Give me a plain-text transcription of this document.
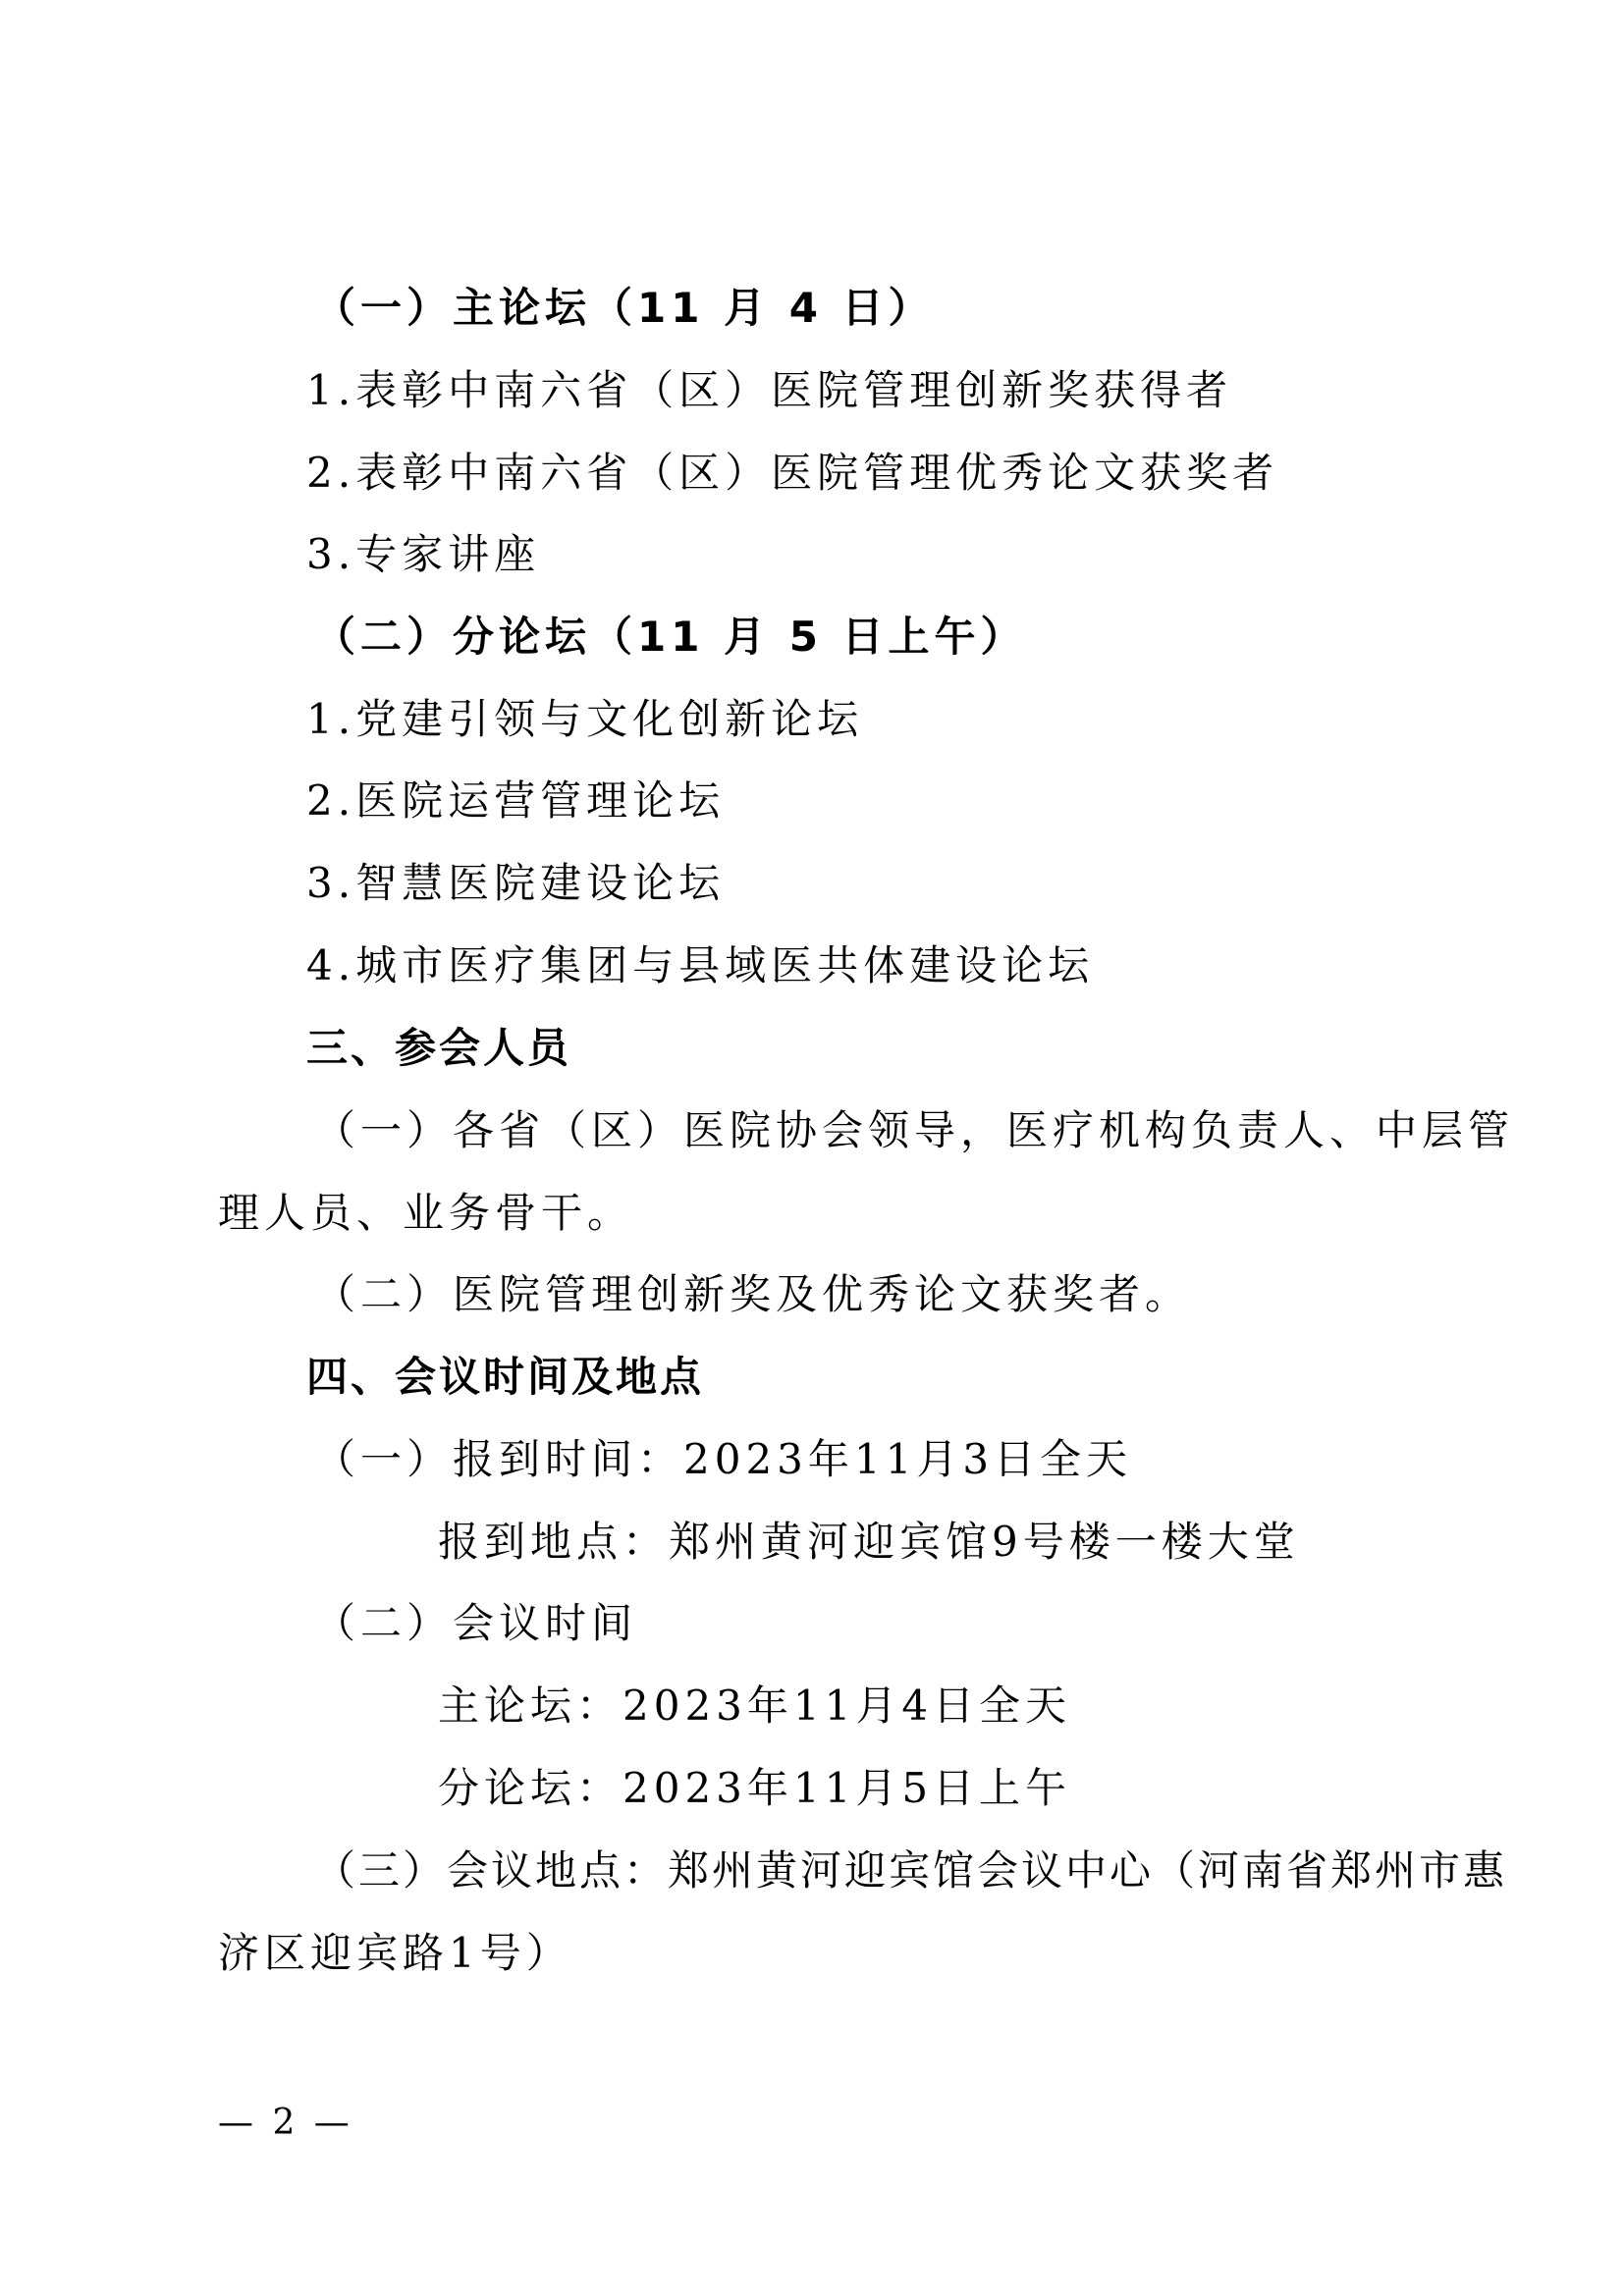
（一）主论坛（11 月 4 日）
1.表彰中南六省（区）医院管理创新奖获得者
2.表彰中南六省（区）医院管理优秀论文获奖者
3.专家讲座
（二）分论坛（11 月 5 日上午）
1.党建引领与文化创新论坛
2.医院运营管理论坛
3.智慧医院建设论坛
4.城市医疗集团与县域医共体建设论坛
三、参会人员
（一）各省（区）医院协会领导，医疗机构负责人、中层管
理人员、业务骨干。
（二）医院管理创新奖及优秀论文获奖者。
四、会议时间及地点
（一）报到时间：2023年11月3日全天
报到地点：郑州黄河迎宾馆9号楼一楼大堂
（二）会议时间
主论坛：2023年11月4日全天
分论坛：2023年11月5日上午
（三）会议地点：郑州黄河迎宾馆会议中心（河南省郑州市惠
济区迎宾路1号）
— 2 —
